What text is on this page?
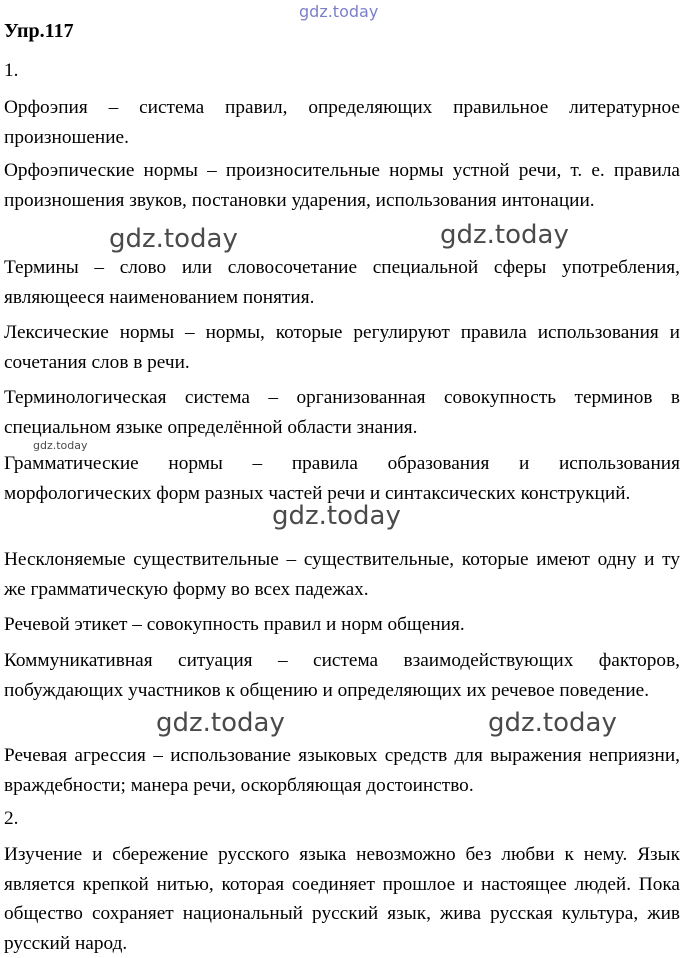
gdz.today
Упр.117
1.
Орфоэпия – система правил, определяющих правильное литературное произношение.
Орфоэпические нормы – произносительные нормы устной речи, т. е. правила произношения звуков, постановки ударения, использования интонации.
Термины – слово или словосочетание специальной сферы употребления, являющееся наименованием понятия.
Лексические нормы – нормы, которые регулируют правила использования и сочетания слов в речи.
Терминологическая система – организованная совокупность терминов в специальном языке определённой области знания.
Грамматические нормы – правила образования и использования морфологических форм разных частей речи и синтаксических конструкций.
Несклоняемые существительные – существительные, которые имеют одну и ту же грамматическую форму во всех падежах.
Речевой этикет – совокупность правил и норм общения.
Коммуникативная ситуация – система взаимодействующих факторов, побуждающих участников к общению и определяющих их речевое поведение.
Речевая агрессия – использование языковых средств для выражения неприязни, враждебности; манера речи, оскорбляющая достоинство.
2.
Изучение и сбережение русского языка невозможно без любви к нему. Язык является крепкой нитью, которая соединяет прошлое и настоящее людей. Пока общество сохраняет национальный русский язык, жива русская культура, жив русский народ.
gdz.today	gdz.today
gdz.today
gdz.today
gdz.today	gdz.today
